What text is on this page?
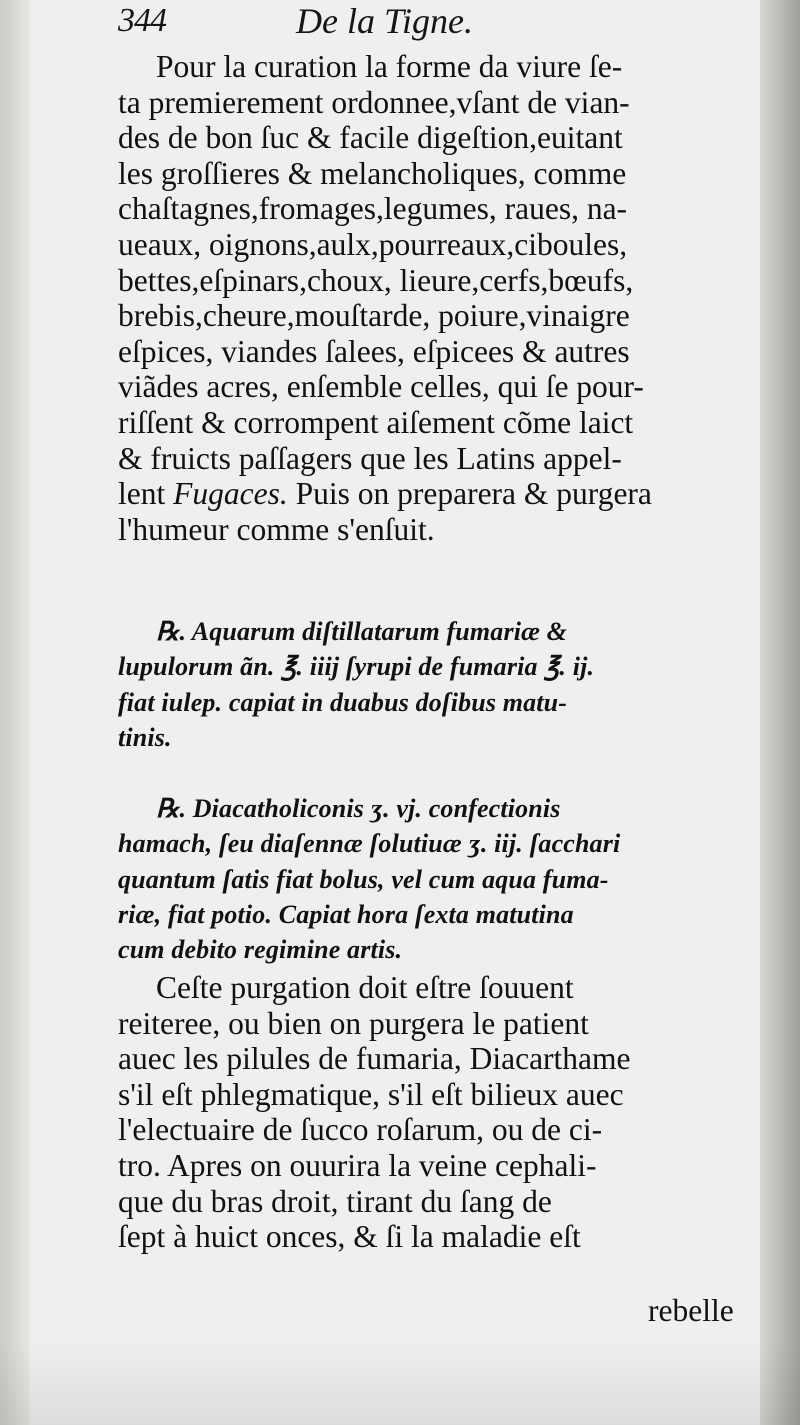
344	De la Tigne.
Pour la curation la forme da viure ſe-
ta premierement ordonnee,vſant de vian-
des de bon ſuc & facile digeſtion,euitant
les groſſieres & melancholiques, comme
chaſtagnes,fromages,legumes, raues, na-
ueaux, oignons,aulx,pourreaux,ciboules,
bettes,eſpinars,choux, lieure,cerfs,bœufs,
brebis,cheure,mouſtarde, poiure,vinaigre
eſpices, viandes ſalees, eſpicees & autres
viãdes acres, enſemble celles, qui ſe pour-
riſſent & corrompent aiſement cõme laict
& fruicts paſſagers que les Latins appel-
lent Fugaces. Puis on preparera & purgera
l'humeur comme s'enſuit.
℞. Aquarum diſtillatarum fumariæ &
lupulorum ãn. ℥. iiij ſyrupi de fumaria ℥. ij.
fiat iulep. capiat in duabus doſibus matu-
tinis.
℞. Diacatholiconis ʒ. vj. confectionis
hamach, ſeu diaſennæ ſolutiuæ ʒ. iij. ſacchari
quantum ſatis fiat bolus, vel cum aqua fuma-
riæ, fiat potio. Capiat hora ſexta matutina
cum debito regimine artis.
Ceſte purgation doit eſtre ſouuent
reiteree, ou bien on purgera le patient
auec les pilules de fumaria, Diacarthame
s'il eſt phlegmatique, s'il eſt bilieux auec
l'electuaire de ſucco roſarum, ou de ci-
tro. Apres on ouurira la veine cephali-
que du bras droit, tirant du ſang de
ſept à huict onces, & ſi la maladie eſt
rebelle
